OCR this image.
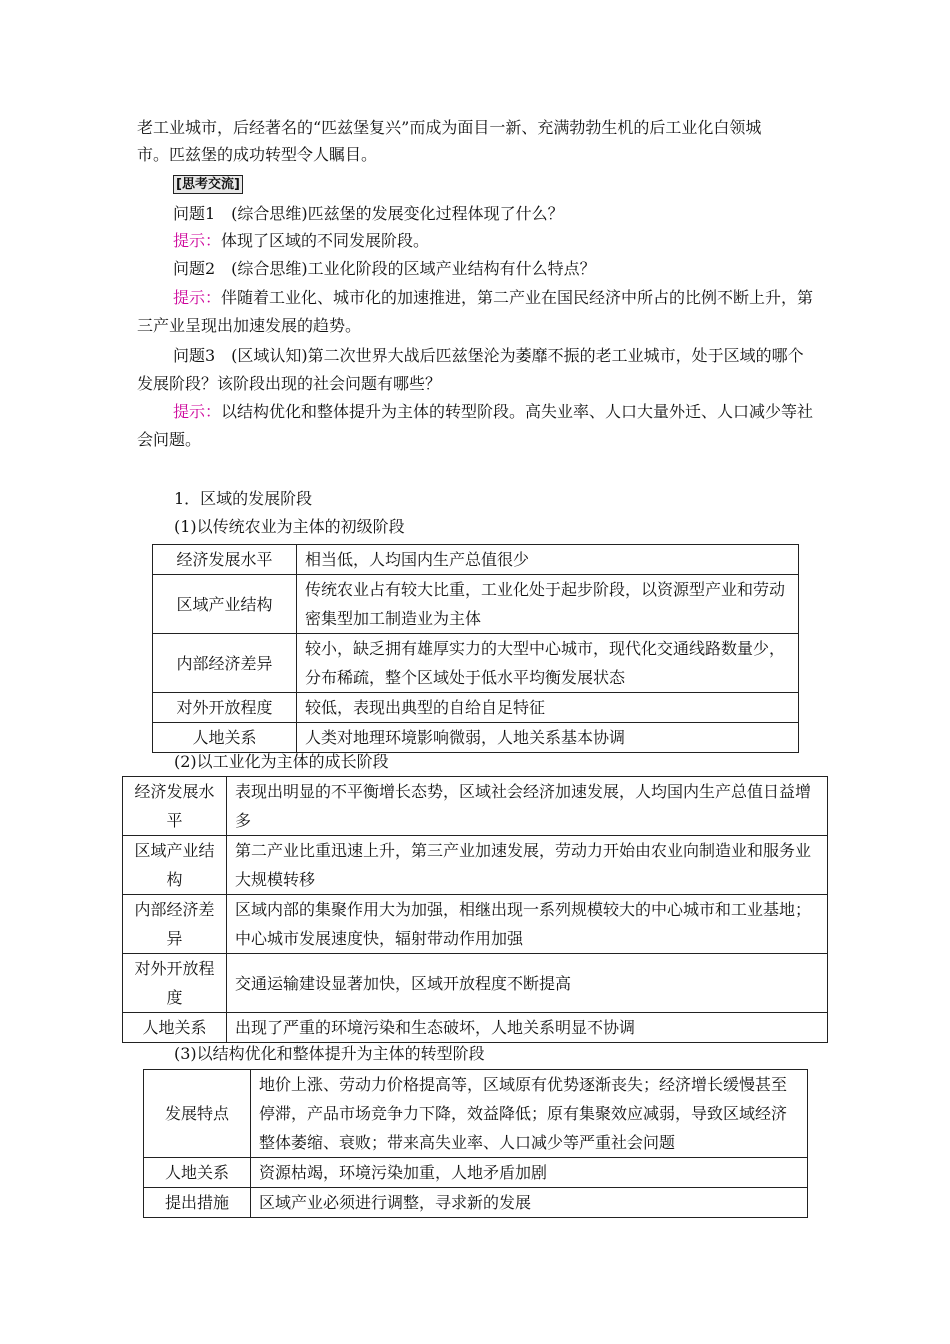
老工业城市，后经著名的“匹兹堡复兴”而成为面目一新、充满勃勃生机的后工业化白领城

市。匹兹堡的成功转型令人瞩目。

[思考交流]

问题1　(综合思维)匹兹堡的发展变化过程体现了什么？

提示：体现了区域的不同发展阶段。

问题2　(综合思维)工业化阶段的区域产业结构有什么特点？

提示：伴随着工业化、城市化的加速推进，第二产业在国民经济中所占的比例不断上升，第三产业呈现出加速发展的趋势。

问题3　(区域认知)第二次世界大战后匹兹堡沦为萎靡不振的老工业城市，处于区域的哪个发展阶段？该阶段出现的社会问题有哪些？

提示：以结构优化和整体提升为主体的转型阶段。高失业率、人口大量外迁、人口减少等社会问题。

1．区域的发展阶段

(1)以传统农业为主体的初级阶段

经济发展水平	相当低，人均国内生产总值很少
区域产业结构	传统农业占有较大比重，工业化处于起步阶段，以资源型产业和劳动密集型加工制造业为主体
内部经济差异	较小，缺乏拥有雄厚实力的大型中心城市，现代化交通线路数量少，分布稀疏，整个区域处于低水平均衡发展状态
对外开放程度	较低，表现出典型的自给自足特征
人地关系	人类对地理环境影响微弱，人地关系基本协调

(2)以工业化为主体的成长阶段

经济发展水平	表现出明显的不平衡增长态势，区域社会经济加速发展，人均国内生产总值日益增多
区域产业结构	第二产业比重迅速上升，第三产业加速发展，劳动力开始由农业向制造业和服务业大规模转移
内部经济差异	区域内部的集聚作用大为加强，相继出现一系列规模较大的中心城市和工业基地；中心城市发展速度快，辐射带动作用加强
对外开放程度	交通运输建设显著加快，区域开放程度不断提高
人地关系	出现了严重的环境污染和生态破坏，人地关系明显不协调

(3)以结构优化和整体提升为主体的转型阶段

发展特点	地价上涨、劳动力价格提高等，区域原有优势逐渐丧失；经济增长缓慢甚至停滞，产品市场竞争力下降，效益降低；原有集聚效应减弱，导致区域经济整体萎缩、衰败；带来高失业率、人口减少等严重社会问题
人地关系	资源枯竭，环境污染加重，人地矛盾加剧
提出措施	区域产业必须进行调整，寻求新的发展
